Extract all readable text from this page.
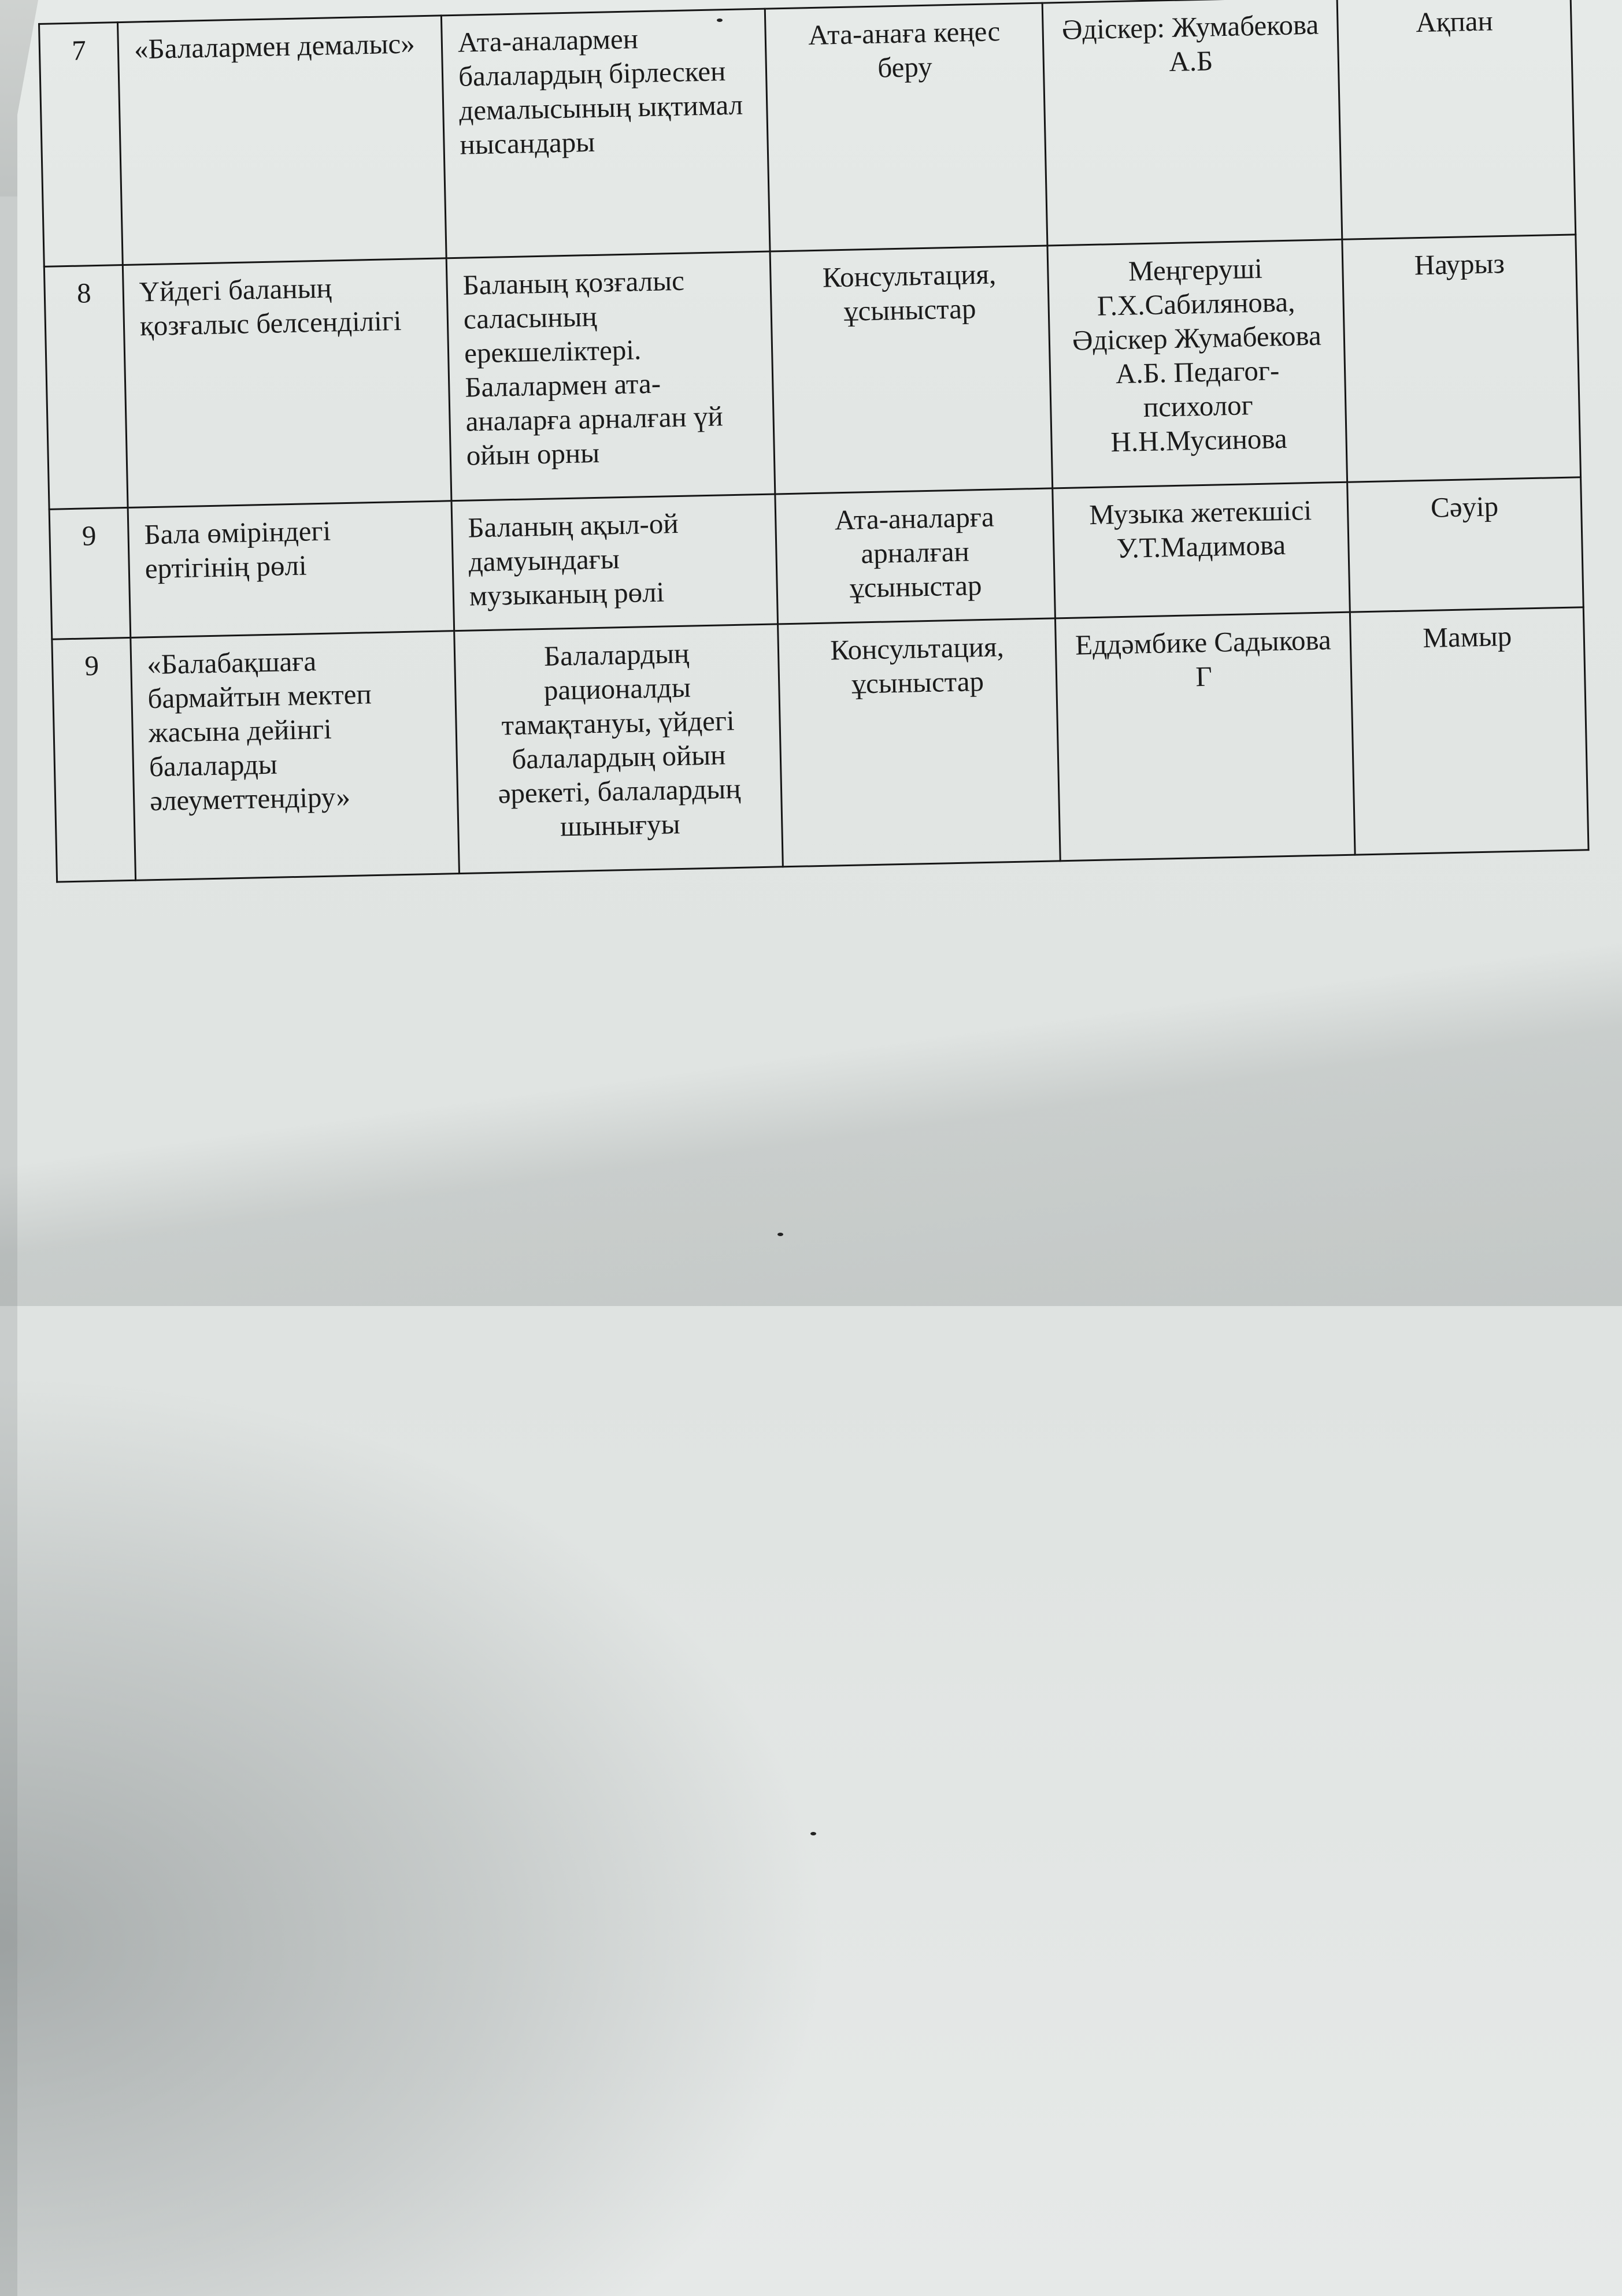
7	«Балалармен демалыс»	Ата-аналармен балалардың бірлескен демалысының ықтимал нысандары	Ата-анаға кеңес беру	Әдіскер: Жумабекова А.Б	Ақпан
8	Үйдегі баланың қозғалыс белсенділігі	Баланың қозғалыс саласының ерекшеліктері. Балалармен ата-аналарға арналған үй ойын орны	Консультация, ұсыныстар	Меңгеруші Г.Х.Сабилянова, Әдіскер Жумабекова А.Б. Педагог-психолог Н.Н.Мусинова	Наурыз
9	Бала өміріндегі ертігінің рөлі	Баланың ақыл-ой дамуындағы музыканың рөлі	Ата-аналарға арналған ұсыныстар	Музыка жетекшісі У.Т.Мадимова	Сәуір
9	«Балабақшаға бармайтын мектеп жасына дейінгі балаларды әлеуметтендіру»	Балалардың рационалды тамақтануы, үйдегі балалардың ойын әрекеті, балалардың шынығуы	Консультация, ұсыныстар	Еддәмбике Садыкова Г	Мамыр
